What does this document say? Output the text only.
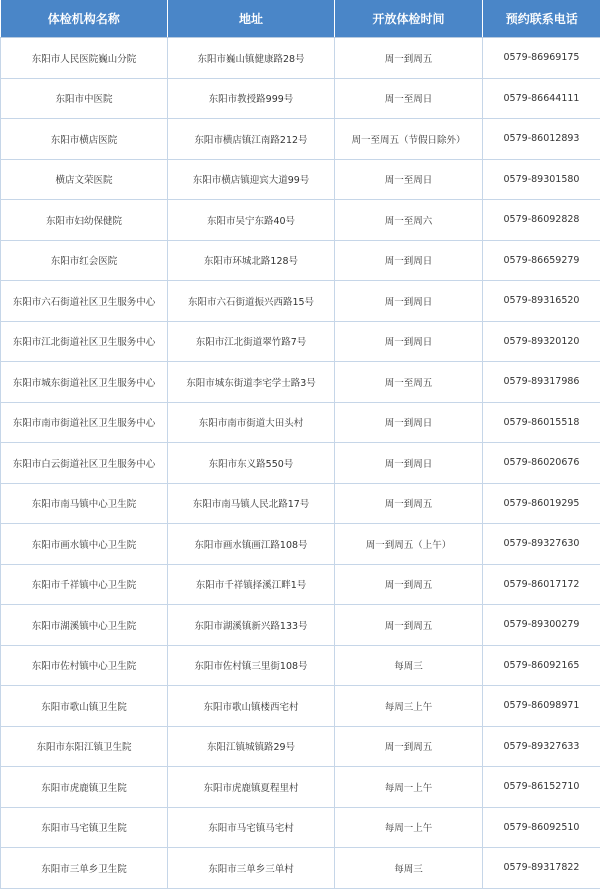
体检机构名称	地址	开放体检时间	预约联系电话
东阳市人民医院巍山分院	东阳市巍山镇健康路28号	周一到周五	0579-86969175
东阳市中医院	东阳市教授路999号	周一至周日	0579-86644111
东阳市横店医院	东阳市横店镇江南路212号	周一至周五（节假日除外）	0579-86012893
横店文荣医院	东阳市横店镇迎宾大道99号	周一至周日	0579-89301580
东阳市妇幼保健院	东阳市吴宁东路40号	周一至周六	0579-86092828
东阳市红会医院	东阳市环城北路128号	周一到周日	0579-86659279
东阳市六石街道社区卫生服务中心	东阳市六石街道振兴西路15号	周一到周日	0579-89316520
东阳市江北街道社区卫生服务中心	东阳市江北街道翠竹路7号	周一到周日	0579-89320120
东阳市城东街道社区卫生服务中心	东阳市城东街道李宅学士路3号	周一至周五	0579-89317986
东阳市南市街道社区卫生服务中心	东阳市南市街道大田头村	周一到周日	0579-86015518
东阳市白云街道社区卫生服务中心	东阳市东义路550号	周一到周日	0579-86020676
东阳市南马镇中心卫生院	东阳市南马镇人民北路17号	周一到周五	0579-86019295
东阳市画水镇中心卫生院	东阳市画水镇画江路108号	周一到周五（上午）	0579-89327630
东阳市千祥镇中心卫生院	东阳市千祥镇择溪江畔1号	周一到周五	0579-86017172
东阳市湖溪镇中心卫生院	东阳市湖溪镇新兴路133号	周一到周五	0579-89300279
东阳市佐村镇中心卫生院	东阳市佐村镇三里街108号	每周三	0579-86092165
东阳市歌山镇卫生院	东阳市歌山镇楼西宅村	每周三上午	0579-86098971
东阳市东阳江镇卫生院	东阳江镇城镇路29号	周一到周五	0579-89327633
东阳市虎鹿镇卫生院	东阳市虎鹿镇夏程里村	每周一上午	0579-86152710
东阳市马宅镇卫生院	东阳市马宅镇马宅村	每周一上午	0579-86092510
东阳市三单乡卫生院	东阳市三单乡三单村	每周三	0579-89317822
